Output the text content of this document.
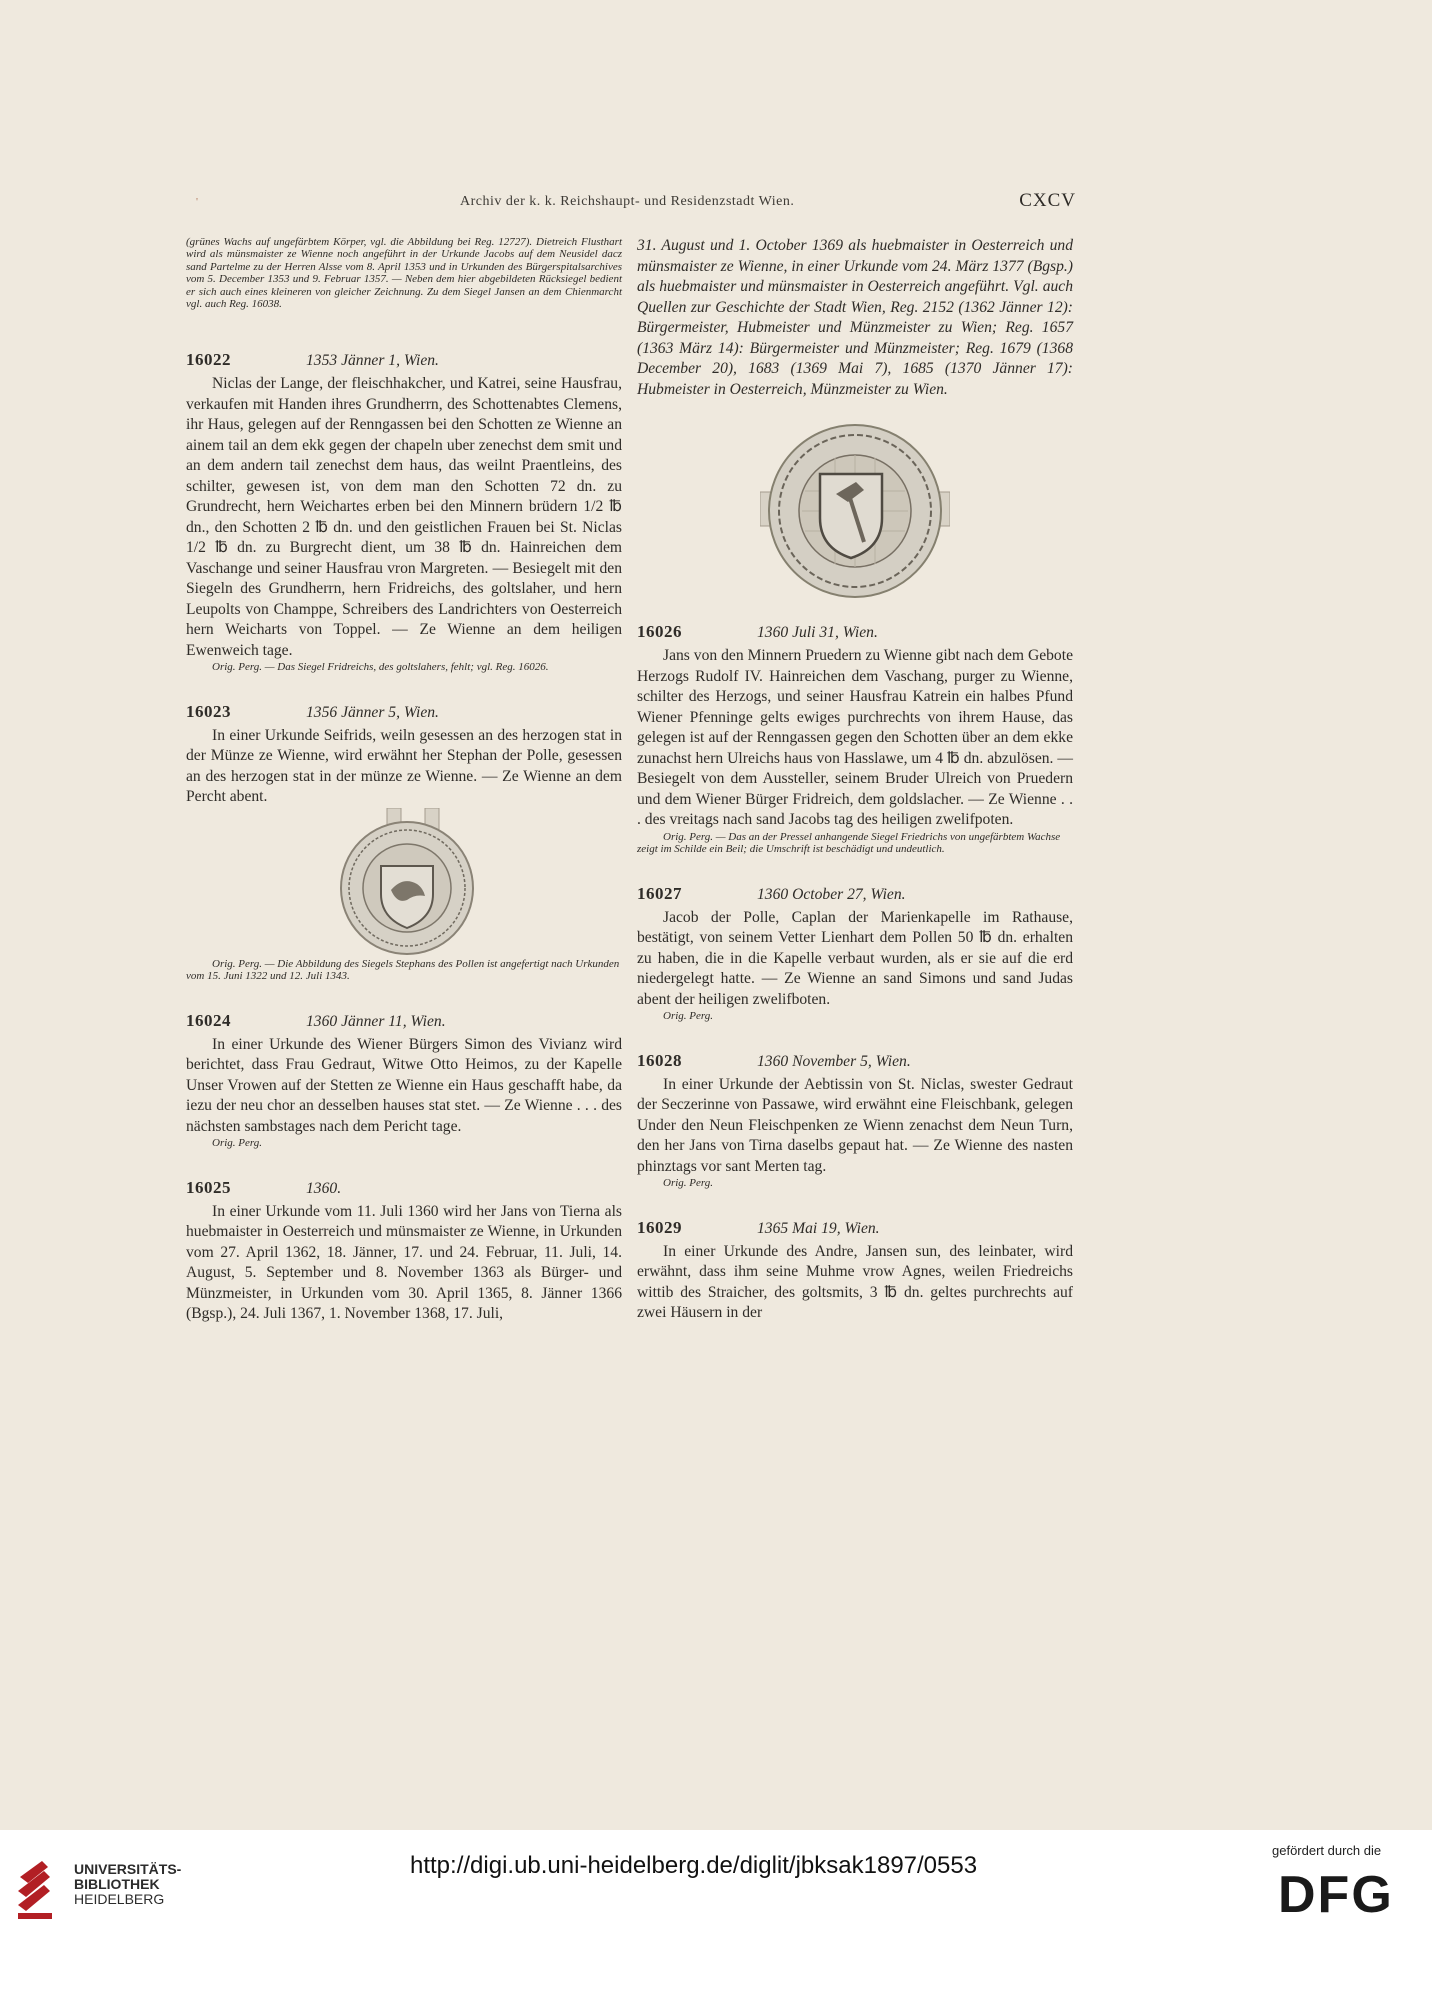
'	Archiv der k. k. Reichshaupt- und Residenzstadt Wien.	CXCV

(grünes Wachs auf ungefärbtem Körper, vgl. die Abbildung bei Reg. 12727). Dietreich Flusthart wird als münsmaister ze Wienne noch angeführt in der Urkunde Jacobs auf dem Neusidel dacz sand Partelme zu der Herren Alsse vom 8. April 1353 und in Urkunden des Bürgerspitalsarchives vom 5. December 1353 und 9. Februar 1357. — Neben dem hier abgebildeten Rücksiegel bedient er sich auch eines kleineren von gleicher Zeichnung. Zu dem Siegel Jansen an dem Chienmarcht vgl. auch Reg. 16038.

16022	1353 Jänner 1, Wien.

Niclas der Lange, der fleischhakcher, und Katrei, seine Hausfrau, verkaufen mit Handen ihres Grundherrn, des Schottenabtes Clemens, ihr Haus, gelegen auf der Renngassen bei den Schotten ze Wienne an ainem tail an dem ekk gegen der chapeln uber zenechst dem smit und an dem andern tail zenechst dem haus, das weilnt Praentleins, des schilter, gewesen ist, von dem man den Schotten 72 dn. zu Grundrecht, hern Weichartes erben bei den Minnern brüdern 1/2 ℔ dn., den Schotten 2 ℔ dn. und den geistlichen Frauen bei St. Niclas 1/2 ℔ dn. zu Burgrecht dient, um 38 ℔ dn. Hainreichen dem Vaschange und seiner Hausfrau vron Margreten. — Besiegelt mit den Siegeln des Grundherrn, hern Fridreichs, des goltslaher, und hern Leupolts von Champpe, Schreibers des Landrichters von Oesterreich hern Weicharts von Toppel. — Ze Wienne an dem heiligen Ewenweich tage.

Orig. Perg. — Das Siegel Fridreichs, des goltslahers, fehlt; vgl. Reg. 16026.

16023	1356 Jänner 5, Wien.

In einer Urkunde Seifrids, weiln gesessen an des herzogen stat in der Münze ze Wienne, wird erwähnt her Stephan der Polle, gesessen an des herzogen stat in der münze ze Wienne. — Ze Wienne an dem Percht abent.

Orig. Perg. — Die Abbildung des Siegels Stephans des Pollen ist angefertigt nach Urkunden vom 15. Juni 1322 und 12. Juli 1343.

16024	1360 Jänner 11, Wien.

In einer Urkunde des Wiener Bürgers Simon des Vivianz wird berichtet, dass Frau Gedraut, Witwe Otto Heimos, zu der Kapelle Unser Vrowen auf der Stetten ze Wienne ein Haus geschafft habe, da iezu der neu chor an desselben hauses stat stet. — Ze Wienne . . . des nächsten sambstages nach dem Pericht tage.

Orig. Perg.

16025	1360.

In einer Urkunde vom 11. Juli 1360 wird her Jans von Tierna als huebmaister in Oesterreich und münsmaister ze Wienne, in Urkunden vom 27. April 1362, 18. Jänner, 17. und 24. Februar, 11. Juli, 14. August, 5. September und 8. November 1363 als Bürger- und Münzmeister, in Urkunden vom 30. April 1365, 8. Jänner 1366 (Bgsp.), 24. Juli 1367, 1. November 1368, 17. Juli,

31. August und 1. October 1369 als huebmaister in Oesterreich und münsmaister ze Wienne, in einer Urkunde vom 24. März 1377 (Bgsp.) als huebmaister und münsmaister in Oesterreich angeführt. Vgl. auch Quellen zur Geschichte der Stadt Wien, Reg. 2152 (1362 Jänner 12): Bürgermeister, Hubmeister und Münzmeister zu Wien; Reg. 1657 (1363 März 14): Bürgermeister und Münzmeister; Reg. 1679 (1368 December 20), 1683 (1369 Mai 7), 1685 (1370 Jänner 17): Hubmeister in Oesterreich, Münzmeister zu Wien.

16026	1360 Juli 31, Wien.

Jans von den Minnern Pruedern zu Wienne gibt nach dem Gebote Herzogs Rudolf IV. Hainreichen dem Vaschang, purger zu Wienne, schilter des Herzogs, und seiner Hausfrau Katrein ein halbes Pfund Wiener Pfenninge gelts ewiges purchrechts von ihrem Hause, das gelegen ist auf der Renngassen gegen den Schotten über an dem ekke zunachst hern Ulreichs haus von Hasslawe, um 4 ℔ dn. abzulösen. — Besiegelt von dem Aussteller, seinem Bruder Ulreich von Pruedern und dem Wiener Bürger Fridreich, dem goldslacher. — Ze Wienne . . . des vreitags nach sand Jacobs tag des heiligen zwelifpoten.

Orig. Perg. — Das an der Pressel anhangende Siegel Friedrichs von ungefärbtem Wachse zeigt im Schilde ein Beil; die Umschrift ist beschädigt und undeutlich.

16027	1360 October 27, Wien.

Jacob der Polle, Caplan der Marienkapelle im Rathause, bestätigt, von seinem Vetter Lienhart dem Pollen 50 ℔ dn. erhalten zu haben, die in die Kapelle verbaut wurden, als er sie auf die erd niedergelegt hatte. — Ze Wienne an sand Simons und sand Judas abent der heiligen zwelifboten.

Orig. Perg.

16028	1360 November 5, Wien.

In einer Urkunde der Aebtissin von St. Niclas, swester Gedraut der Seczerinne von Passawe, wird erwähnt eine Fleischbank, gelegen Under den Neun Fleischpenken ze Wienn zenachst dem Neun Turn, den her Jans von Tirna daselbs gepaut hat. — Ze Wienne des nasten phinztags vor sant Merten tag.

Orig. Perg.

16029	1365 Mai 19, Wien.

In einer Urkunde des Andre, Jansen sun, des leinbater, wird erwähnt, dass ihm seine Muhme vrow Agnes, weilen Friedreichs wittib des Straicher, des goltsmits, 3 ℔ dn. geltes purchrechts auf zwei Häusern in der

UNIVERSITÄTS-
BIBLIOTHEK
HEIDELBERG
http://digi.ub.uni-heidelberg.de/diglit/jbksak1897/0553
gefördert durch die
DFG
